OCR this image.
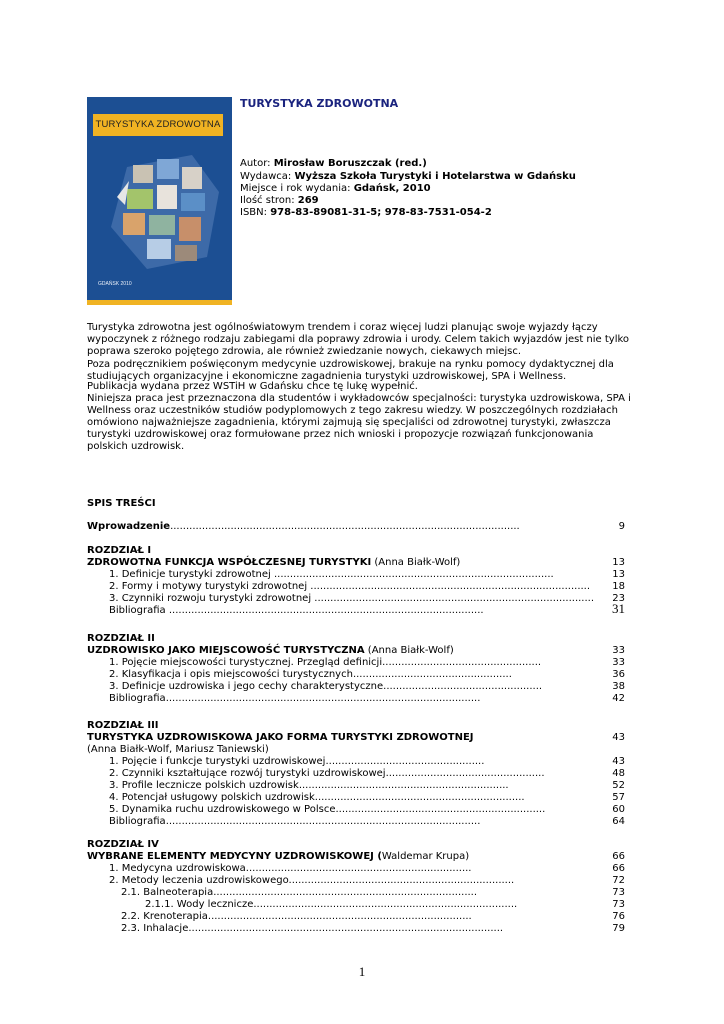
TURYSTYKA ZDROWOTNA
GDAŃSK 2010
TURYSTYKA ZDROWOTNA
Autor: Mirosław Boruszczak (red.)
Wydawca: Wyższa Szkoła Turystyki i Hotelarstwa w Gdańsku
Miejsce i rok wydania: Gdańsk, 2010
Ilość stron: 269
ISBN: 978-83-89081-31-5; 978-83-7531-054-2

Turystyka zdrowotna jest ogólnoświatowym trendem i coraz więcej ludzi planując swoje wyjazdy łączy wypoczynek z różnego rodzaju zabiegami dla poprawy zdrowia i urody. Celem takich wyjazdów jest nie tylko poprawa szeroko pojętego zdrowia, ale również zwiedzanie nowych, ciekawych miejsc.

Poza podręcznikiem poświęconym medycynie uzdrowiskowej, brakuje na rynku pomocy dydaktycznej dla studiujących organizacyjne i ekonomiczne zagadnienia turystyki uzdrowiskowej, SPA i Wellness.

Publikacja wydana przez WSTiH w Gdańsku chce tę lukę wypełnić.

Niniejsza praca jest przeznaczona dla studentów i wykładowców specjalności: turystyka uzdrowiskowa, SPA i Wellness oraz uczestników studiów podyplomowych z tego zakresu wiedzy. W poszczególnych rozdziałach omówiono najważniejsze zagadnienia, którymi zajmują się specjaliści od zdrowotnej turystyki, zwłaszcza turystyki uzdrowiskowej oraz formułowane przez nich wnioski i propozycje rozwiązań funkcjonowania polskich uzdrowisk.

SPIS TREŚCI
Wprowadzenie..............................................................................................................	9
ROZDZIAŁ I
ZDROWOTNA FUNKCJA WSPÓŁCZESNEJ TURYSTYKI (Anna Białk-Wolf)	13
1. Definicje turystyki zdrowotnej ........................................................................................	13
2. Formy i motywy turystyki zdrowotnej ........................................................................................ 18
3. Czynniki rozwoju turystyki zdrowotnej ........................................................................................ 23
Bibliografia ...................................................................................................	31
ROZDZIAŁ II
UZDROWISKO JAKO MIEJSCOWOŚĆ TURYSTYCZNA (Anna Białk-Wolf)	33
1. Pojęcie miejscowości turystycznej. Przegląd definicji..................................................	33
2. Klasyfikacja i opis miejscowości turystycznych..................................................	36
3. Definicje uzdrowiska i jego cechy charakterystyczne..................................................	38
Bibliografia...................................................................................................	42
ROZDZIAŁ III
TURYSTYKA UZDROWISKOWA JAKO FORMA TURYSTYKI ZDROWOTNEJ	43
(Anna Białk-Wolf, Mariusz Taniewski)
1. Pojęcie i funkcje turystyki uzdrowiskowej..................................................	43
2. Czynniki kształtujące rozwój turystyki uzdrowiskowej..................................................	48
3. Profile lecznicze polskich uzdrowisk..................................................................	52
4. Potencjał usługowy polskich uzdrowisk..................................................................	57
5. Dynamika ruchu uzdrowiskowego w Polsce..................................................................	60
Bibliografia...................................................................................................	64
ROZDZIAŁ IV
WYBRANE ELEMENTY MEDYCYNY UZDROWISKOWEJ (Waldemar Krupa)	66
1. Medycyna uzdrowiskowa.......................................................................	66
2. Metody leczenia uzdrowiskowego.......................................................................	72
2.1. Balneoterapia...................................................................................	73
2.1.1. Wody lecznicze...................................................................................	73
2.2. Krenoterapia...................................................................................	76
2.3. Inhalacje...................................................................................................	79
1
